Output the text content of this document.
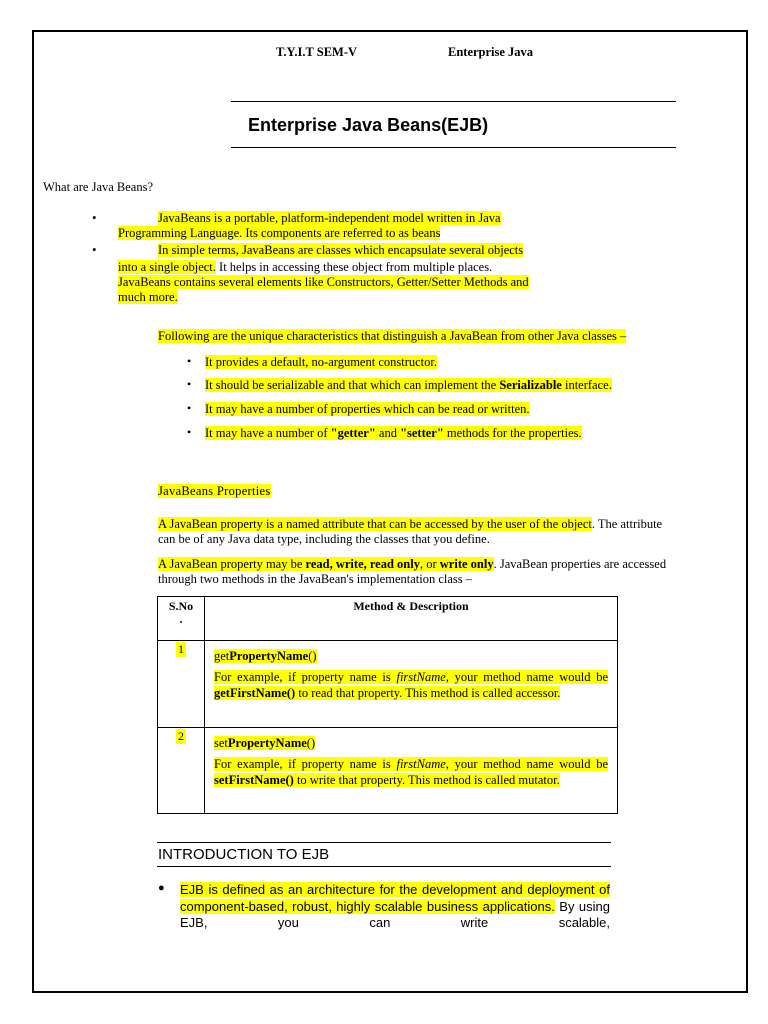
T.Y.I.T SEM-V	Enterprise Java
Enterprise Java Beans(EJB)
What are Java Beans?
•	JavaBeans is a portable, platform-independent model written in Java
Programming Language. Its components are referred to as beans
•	In simple terms, JavaBeans are classes which encapsulate several objects
into a single object. It helps in accessing these object from multiple places.
JavaBeans contains several elements like Constructors, Getter/Setter Methods and
much more.
Following are the unique characteristics that distinguish a JavaBean from other Java classes –
• It provides a default, no-argument constructor.
• It should be serializable and that which can implement the Serializable interface.
• It may have a number of properties which can be read or written.
• It may have a number of "getter" and "setter" methods for the properties.
JavaBeans Properties
A JavaBean property is a named attribute that can be accessed by the user of the object. The attribute
can be of any Java data type, including the classes that you define.
A JavaBean property may be read, write, read only, or write only. JavaBean properties are accessed
through two methods in the JavaBean's implementation class –
S.No
.	Method & Description

1	getPropertyName()
For example, if property name is firstName, your method name would be getFirstName() to read that property. This method is called accessor.

2	setPropertyName()
For example, if property name is firstName, your method name would be setFirstName() to write that property. This method is called mutator.
INTRODUCTION TO EJB
● EJB is defined as an architecture for the development and deployment of component-based, robust, highly scalable business applications. By using EJB, you can write scalable,
